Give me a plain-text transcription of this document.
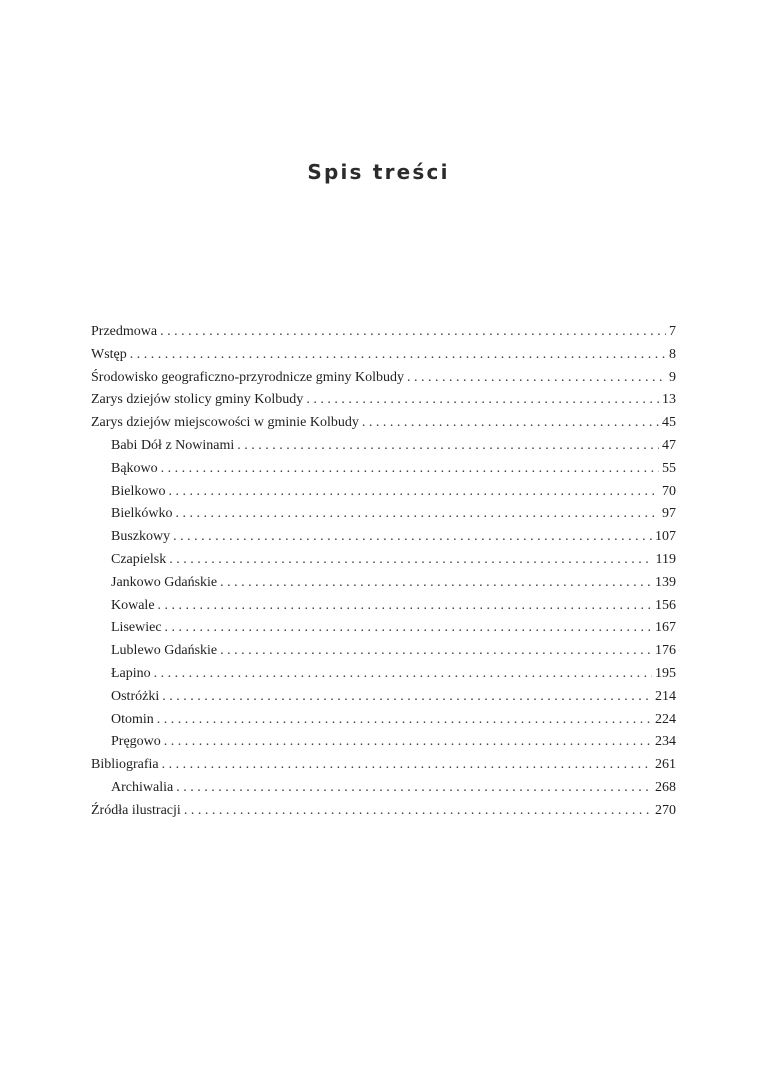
Spis treści
Przedmowa . . .	7
Wstęp . . .	8
Środowisko geograficzno-przyrodnicze gminy Kolbudy . . .	9
Zarys dziejów stolicy gminy Kolbudy . . .	13
Zarys dziejów miejscowości w gminie Kolbudy . . .	45
Babi Dół z Nowinami . . .	47
Bąkowo . . .	55
Bielkowo . . .	70
Bielkówko . . .	97
Buszkowy . . .	107
Czapielsk . . .	119
Jankowo Gdańskie . . .	139
Kowale . . .	156
Lisewiec . . .	167
Lublewo Gdańskie . . .	176
Łapino . . .	195
Ostróżki . . .	214
Otomin . . .	224
Pręgowo . . .	234
Bibliografia . . .	261
Archiwalia . . .	268
Źródła ilustracji . . .	270
